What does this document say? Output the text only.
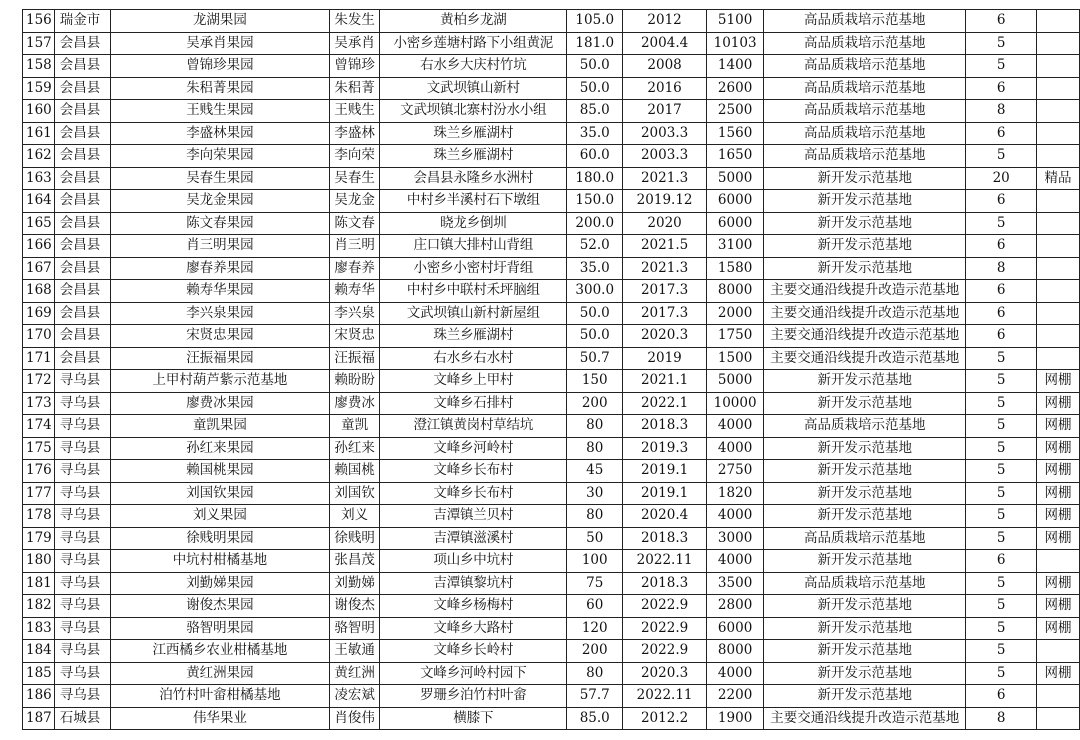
156	瑞金市	龙湖果园	朱发生	黄柏乡龙湖	105.0	2012	5100	高品质栽培示范基地	6	
157	会昌县	吴承肖果园	吴承肖	小密乡莲塘村路下小组黄泥	181.0	2004.4	10103	高品质栽培示范基地	5	
158	会昌县	曾锦珍果园	曾锦珍	右水乡大庆村竹坑	50.0	2008	1400	高品质栽培示范基地	5	
159	会昌县	朱稆菁果园	朱稆菁	文武坝镇山新村	50.0	2016	2600	高品质栽培示范基地	6	
160	会昌县	王贱生果园	王贱生	文武坝镇北寨村汾水小组	85.0	2017	2500	高品质栽培示范基地	8	
161	会昌县	李盛林果园	李盛林	珠兰乡雁湖村	35.0	2003.3	1560	高品质栽培示范基地	6	
162	会昌县	李向荣果园	李向荣	珠兰乡雁湖村	60.0	2003.3	1650	高品质栽培示范基地	5	
163	会昌县	吴春生果园	吴春生	会昌县永隆乡水洲村	180.0	2021.3	5000	新开发示范基地	20	精品
164	会昌县	吴龙金果园	吴龙金	中村乡半溪村石下墩组	150.0	2019.12	6000	新开发示范基地	6	
165	会昌县	陈文春果园	陈文春	晓龙乡倒圳	200.0	2020	6000	新开发示范基地	5	
166	会昌县	肖三明果园	肖三明	庄口镇大排村山背组	52.0	2021.5	3100	新开发示范基地	6	
167	会昌县	廖春养果园	廖春养	小密乡小密村圩背组	35.0	2021.3	1580	新开发示范基地	8	
168	会昌县	赖寿华果园	赖寿华	中村乡中联村禾坪脑组	300.0	2017.3	8000	主要交通沿线提升改造示范基地	6	
169	会昌县	李兴泉果园	李兴泉	文武坝镇山新村新屋组	50.0	2017.3	2000	主要交通沿线提升改造示范基地	6	
170	会昌县	宋贤忠果园	宋贤忠	珠兰乡雁湖村	50.0	2020.3	1750	主要交通沿线提升改造示范基地	6	
171	会昌县	汪振福果园	汪振福	右水乡右水村	50.7	2019	1500	主要交通沿线提升改造示范基地	5	
172	寻乌县	上甲村葫芦紫示范基地	赖盼盼	文峰乡上甲村	150	2021.1	5000	新开发示范基地	5	网棚
173	寻乌县	廖费冰果园	廖费冰	文峰乡石排村	200	2022.1	10000	新开发示范基地	5	网棚
174	寻乌县	童凯果园	童凯	澄江镇黄岗村草结坑	80	2018.3	4000	高品质栽培示范基地	5	网棚
175	寻乌县	孙红来果园	孙红来	文峰乡河岭村	80	2019.3	4000	新开发示范基地	5	网棚
176	寻乌县	赖国桃果园	赖国桃	文峰乡长布村	45	2019.1	2750	新开发示范基地	5	网棚
177	寻乌县	刘国钦果园	刘国钦	文峰乡长布村	30	2019.1	1820	新开发示范基地	5	网棚
178	寻乌县	刘义果园	刘义	吉潭镇兰贝村	80	2020.4	4000	新开发示范基地	5	网棚
179	寻乌县	徐贱明果园	徐贱明	吉潭镇滋溪村	50	2018.3	3000	高品质栽培示范基地	5	网棚
180	寻乌县	中坑村柑橘基地	张昌茂	项山乡中坑村	100	2022.11	4000	新开发示范基地	6	
181	寻乌县	刘勤娣果园	刘勤娣	吉潭镇黎坑村	75	2018.3	3500	高品质栽培示范基地	5	网棚
182	寻乌县	谢俊杰果园	谢俊杰	文峰乡杨梅村	60	2022.9	2800	新开发示范基地	5	网棚
183	寻乌县	骆智明果园	骆智明	文峰乡大路村	120	2022.9	6000	新开发示范基地	5	网棚
184	寻乌县	江西橘乡农业柑橘基地	王敏通	文峰乡长岭村	200	2022.9	8000	新开发示范基地	5	
185	寻乌县	黄红洲果园	黄红洲	文峰乡河岭村园下	80	2020.3	4000	新开发示范基地	5	网棚
186	寻乌县	泊竹村叶畲柑橘基地	凌宏斌	罗珊乡泊竹村叶畲	57.7	2022.11	2200	新开发示范基地	6	
187	石城县	伟华果业	肖俊伟	横膝下	85.0	2012.2	1900	主要交通沿线提升改造示范基地	8	
